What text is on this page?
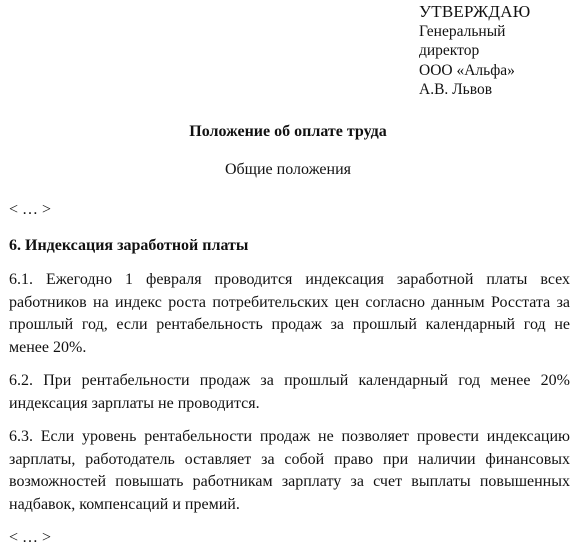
УТВЕРЖДАЮ
Генеральный
директор
ООО «Альфа»
А.В. Львов
Положение об оплате труда
Общие положения
< … >
6. Индексация заработной платы
6.1. Ежегодно 1 февраля проводится индексация заработной платы всех работников на индекс роста потребительских цен согласно данным Росстата за прошлый год, если рентабельность продаж за прошлый календарный год не менее 20%.
6.2. При рентабельности продаж за прошлый календарный год менее 20% индексация зарплаты не проводится.
6.3. Если уровень рентабельности продаж не позволяет провести индексацию зарплаты, работодатель оставляет за собой право при наличии финансовых возможностей повышать работникам зарплату за счет выплаты повышенных надбавок, компенсаций и премий.
< … >
